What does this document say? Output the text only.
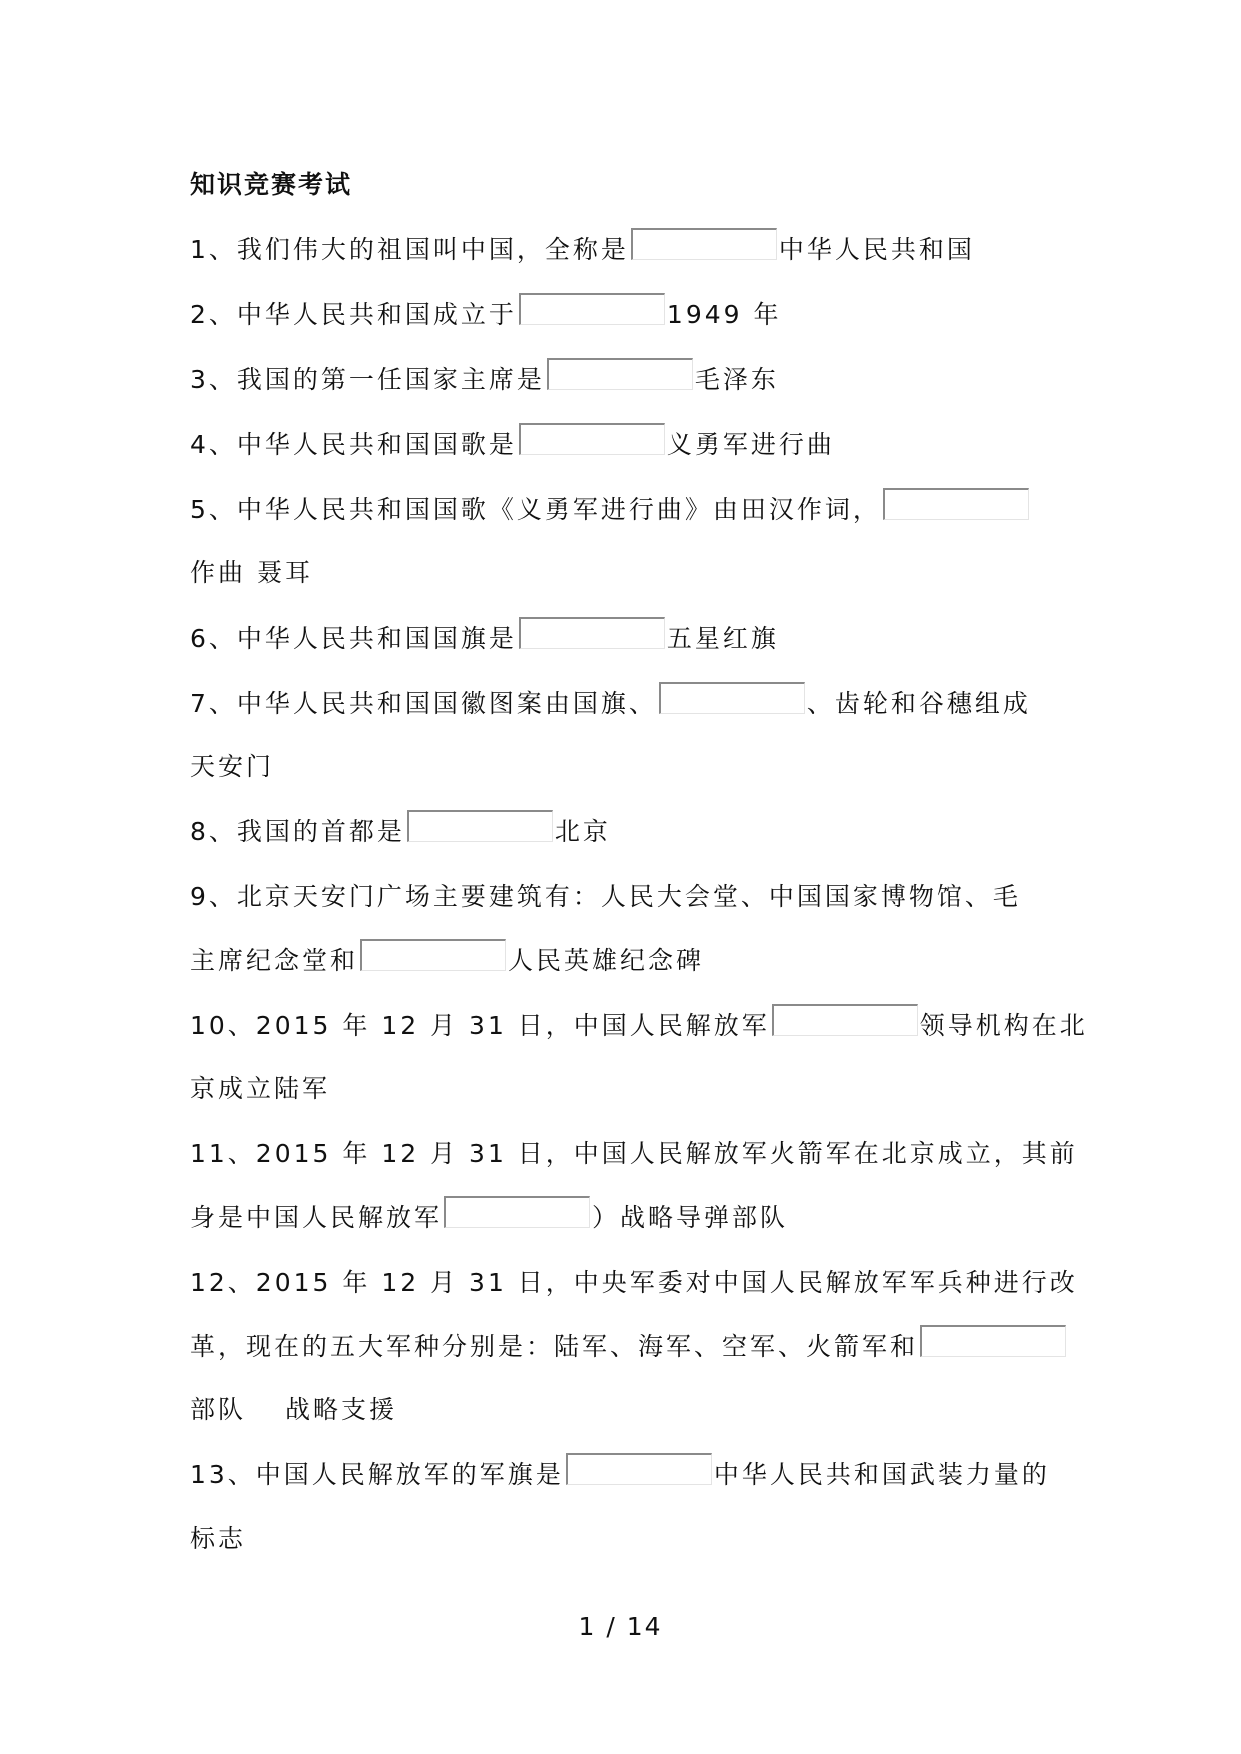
知识竞赛考试
1、我们伟大的祖国叫中国，全称是	中华人民共和国
2、中华人民共和国成立于	1949 年
3、我国的第一任国家主席是	毛泽东
4、中华人民共和国国歌是	义勇军进行曲
5、中华人民共和国国歌《义勇军进行曲》由田汉作词，
作曲 聂耳
6、中华人民共和国国旗是	五星红旗
7、中华人民共和国国徽图案由国旗、	、齿轮和谷穗组成
天安门
8、我国的首都是	北京
9、北京天安门广场主要建筑有：人民大会堂、中国国家博物馆、毛
主席纪念堂和	人民英雄纪念碑
10、2015 年 12 月 31 日，中国人民解放军	领导机构在北
京成立陆军
11、2015 年 12 月 31 日，中国人民解放军火箭军在北京成立，其前
身是中国人民解放军	）战略导弹部队
12、2015 年 12 月 31 日，中央军委对中国人民解放军军兵种进行改
革，现在的五大军种分别是：陆军、海军、空军、火箭军和
部队　 战略支援
13、中国人民解放军的军旗是	中华人民共和国武装力量的
标志
1 / 14
